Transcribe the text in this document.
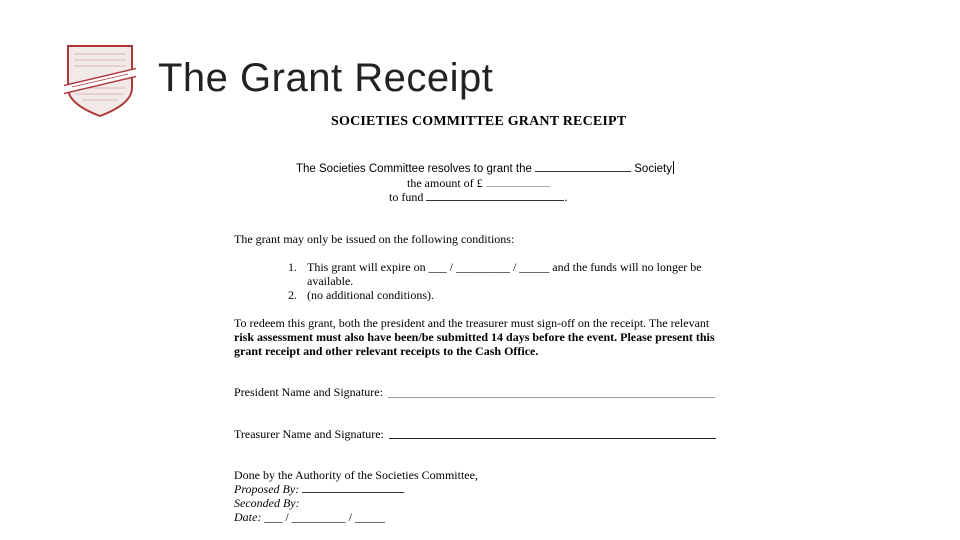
The Grant Receipt
SOCIETIES COMMITTEE GRANT RECEIPT
The Societies Committee resolves to grant the	Society
the amount of £
to fund	.
The grant may only be issued on the following conditions:
1. This grant will expire on ___ / _________ / _____ and the funds will no longer be
available.
2. (no additional conditions).
To redeem this grant, both the president and the treasurer must sign-off on the receipt. The relevant
risk assessment must also have been/be submitted 14 days before the event. Please present this
grant receipt and other relevant receipts to the Cash Office.
President Name and Signature:
Treasurer Name and Signature:
Done by the Authority of the Societies Committee,
Proposed By:
Seconded By:
Date: ___ / _________ / _____
